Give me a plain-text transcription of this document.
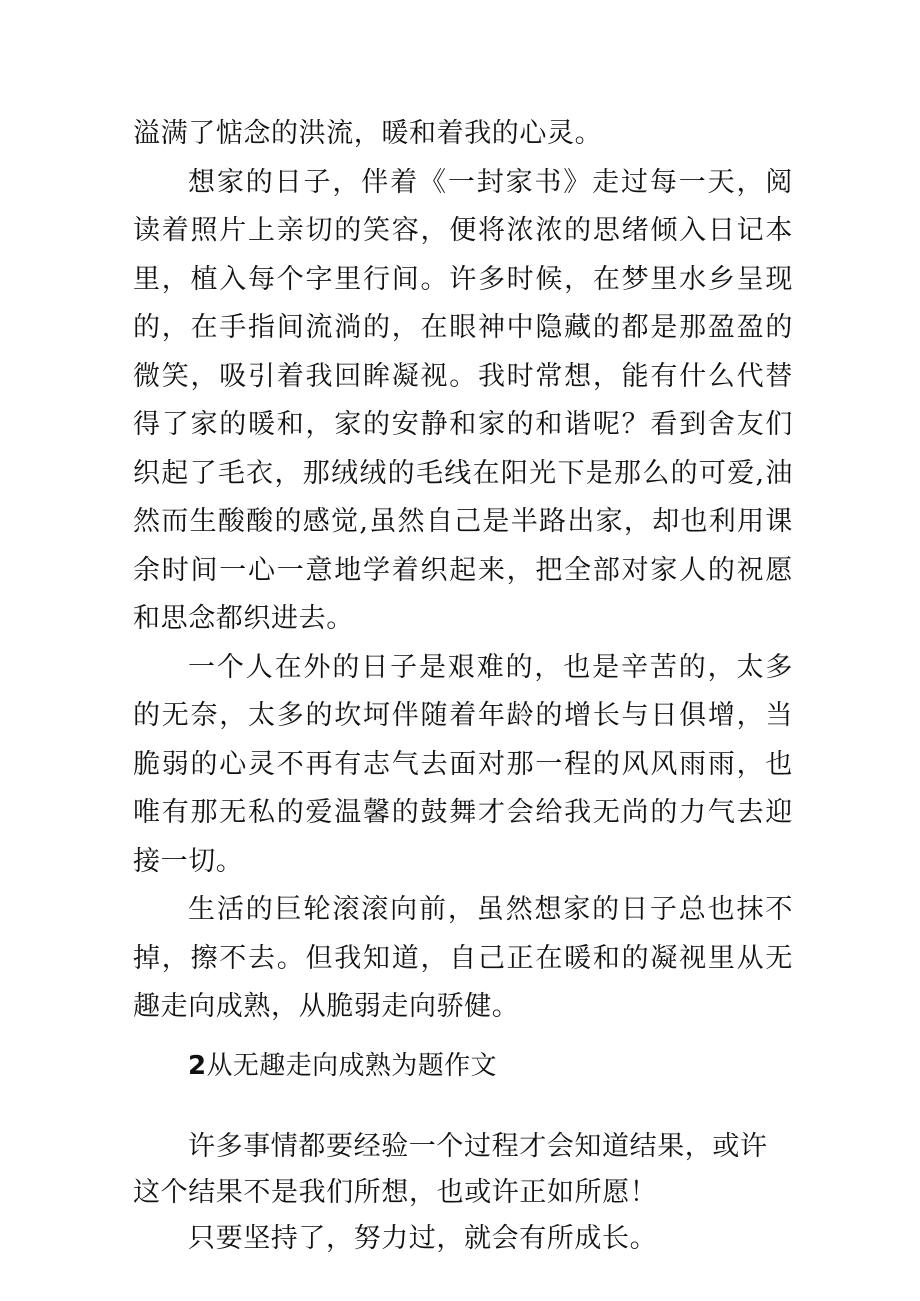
溢满了惦念的洪流，暖和着我的心灵。

想家的日子，伴着《一封家书》走过每一天，阅读着照片上亲切的笑容，便将浓浓的思绪倾入日记本里，植入每个字里行间。许多时候，在梦里水乡呈现的，在手指间流淌的，在眼神中隐藏的都是那盈盈的微笑，吸引着我回眸凝视。我时常想，能有什么代替得了家的暖和，家的安静和家的和谐呢？看到舍友们织起了毛衣，那绒绒的毛线在阳光下是那么的可爱,油然而生酸酸的感觉,虽然自己是半路出家，却也利用课余时间一心一意地学着织起来，把全部对家人的祝愿和思念都织进去。

一个人在外的日子是艰难的，也是辛苦的，太多的无奈，太多的坎坷伴随着年龄的增长与日俱增，当脆弱的心灵不再有志气去面对那一程的风风雨雨，也唯有那无私的爱温馨的鼓舞才会给我无尚的力气去迎接一切。

生活的巨轮滚滚向前，虽然想家的日子总也抹不掉，擦不去。但我知道，自己正在暖和的凝视里从无趣走向成熟，从脆弱走向骄健。

2从无趣走向成熟为题作文
许多事情都要经验一个过程才会知道结果，或许
这个结果不是我们所想，也或许正如所愿！
只要坚持了，努力过，就会有所成长。
